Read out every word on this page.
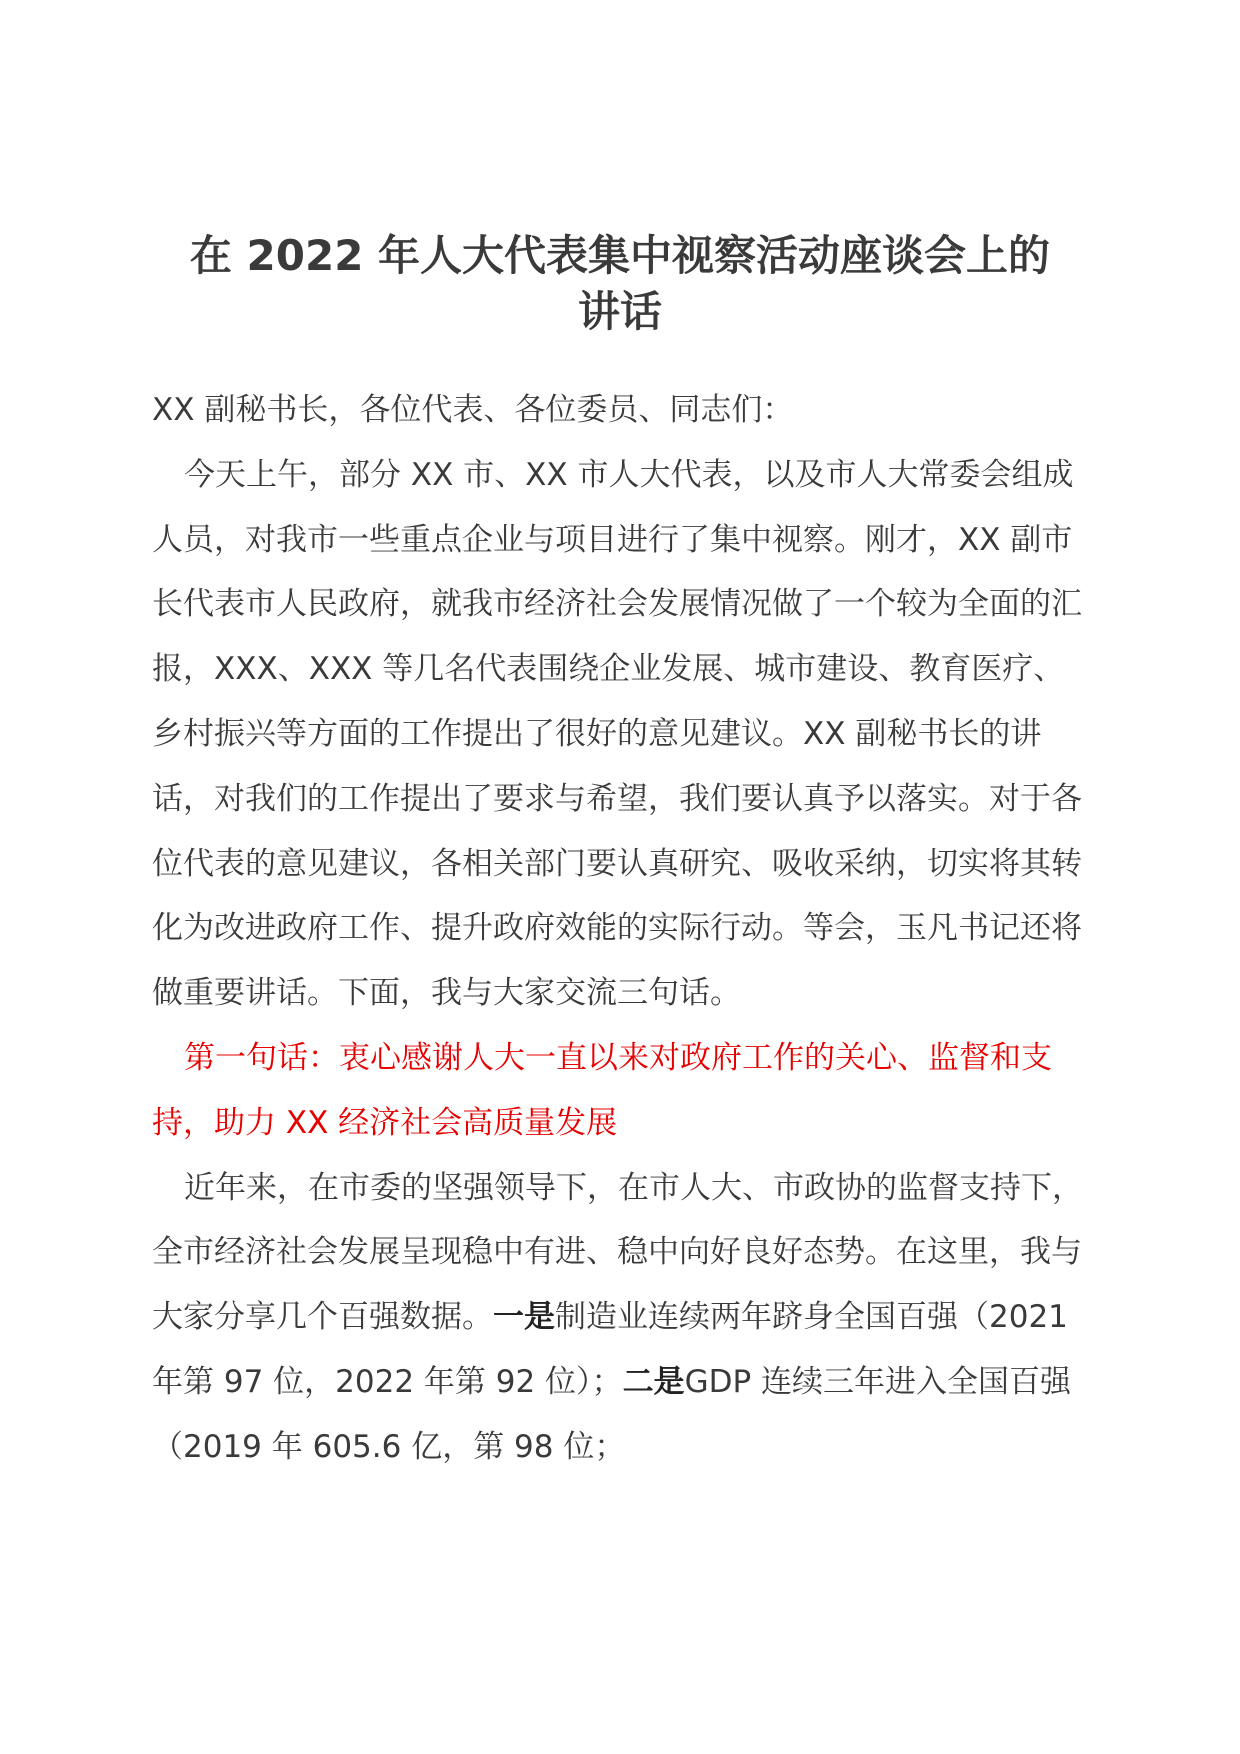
在 2022 年人大代表集中视察活动座谈会上的
讲话

XX 副秘书长，各位代表、各位委员、同志们：

今天上午，部分 XX 市、XX 市人大代表，以及市人大常委会组成人员，对我市一些重点企业与项目进行了集中视察。刚才，XX 副市长代表市人民政府，就我市经济社会发展情况做了一个较为全面的汇报，XXX、XXX 等几名代表围绕企业发展、城市建设、教育医疗、乡村振兴等方面的工作提出了很好的意见建议。XX 副秘书长的讲话，对我们的工作提出了要求与希望，我们要认真予以落实。对于各位代表的意见建议，各相关部门要认真研究、吸收采纳，切实将其转化为改进政府工作、提升政府效能的实际行动。等会，玉凡书记还将做重要讲话。下面，我与大家交流三句话。

第一句话：衷心感谢人大一直以来对政府工作的关心、监督和支持，助力 XX 经济社会高质量发展

近年来，在市委的坚强领导下，在市人大、市政协的监督支持下，全市经济社会发展呈现稳中有进、稳中向好良好态势。在这里，我与大家分享几个百强数据。一是制造业连续两年跻身全国百强（2021 年第 97 位，2022 年第 92 位）；二是GDP 连续三年进入全国百强（2019 年 605.6 亿，第 98 位；
